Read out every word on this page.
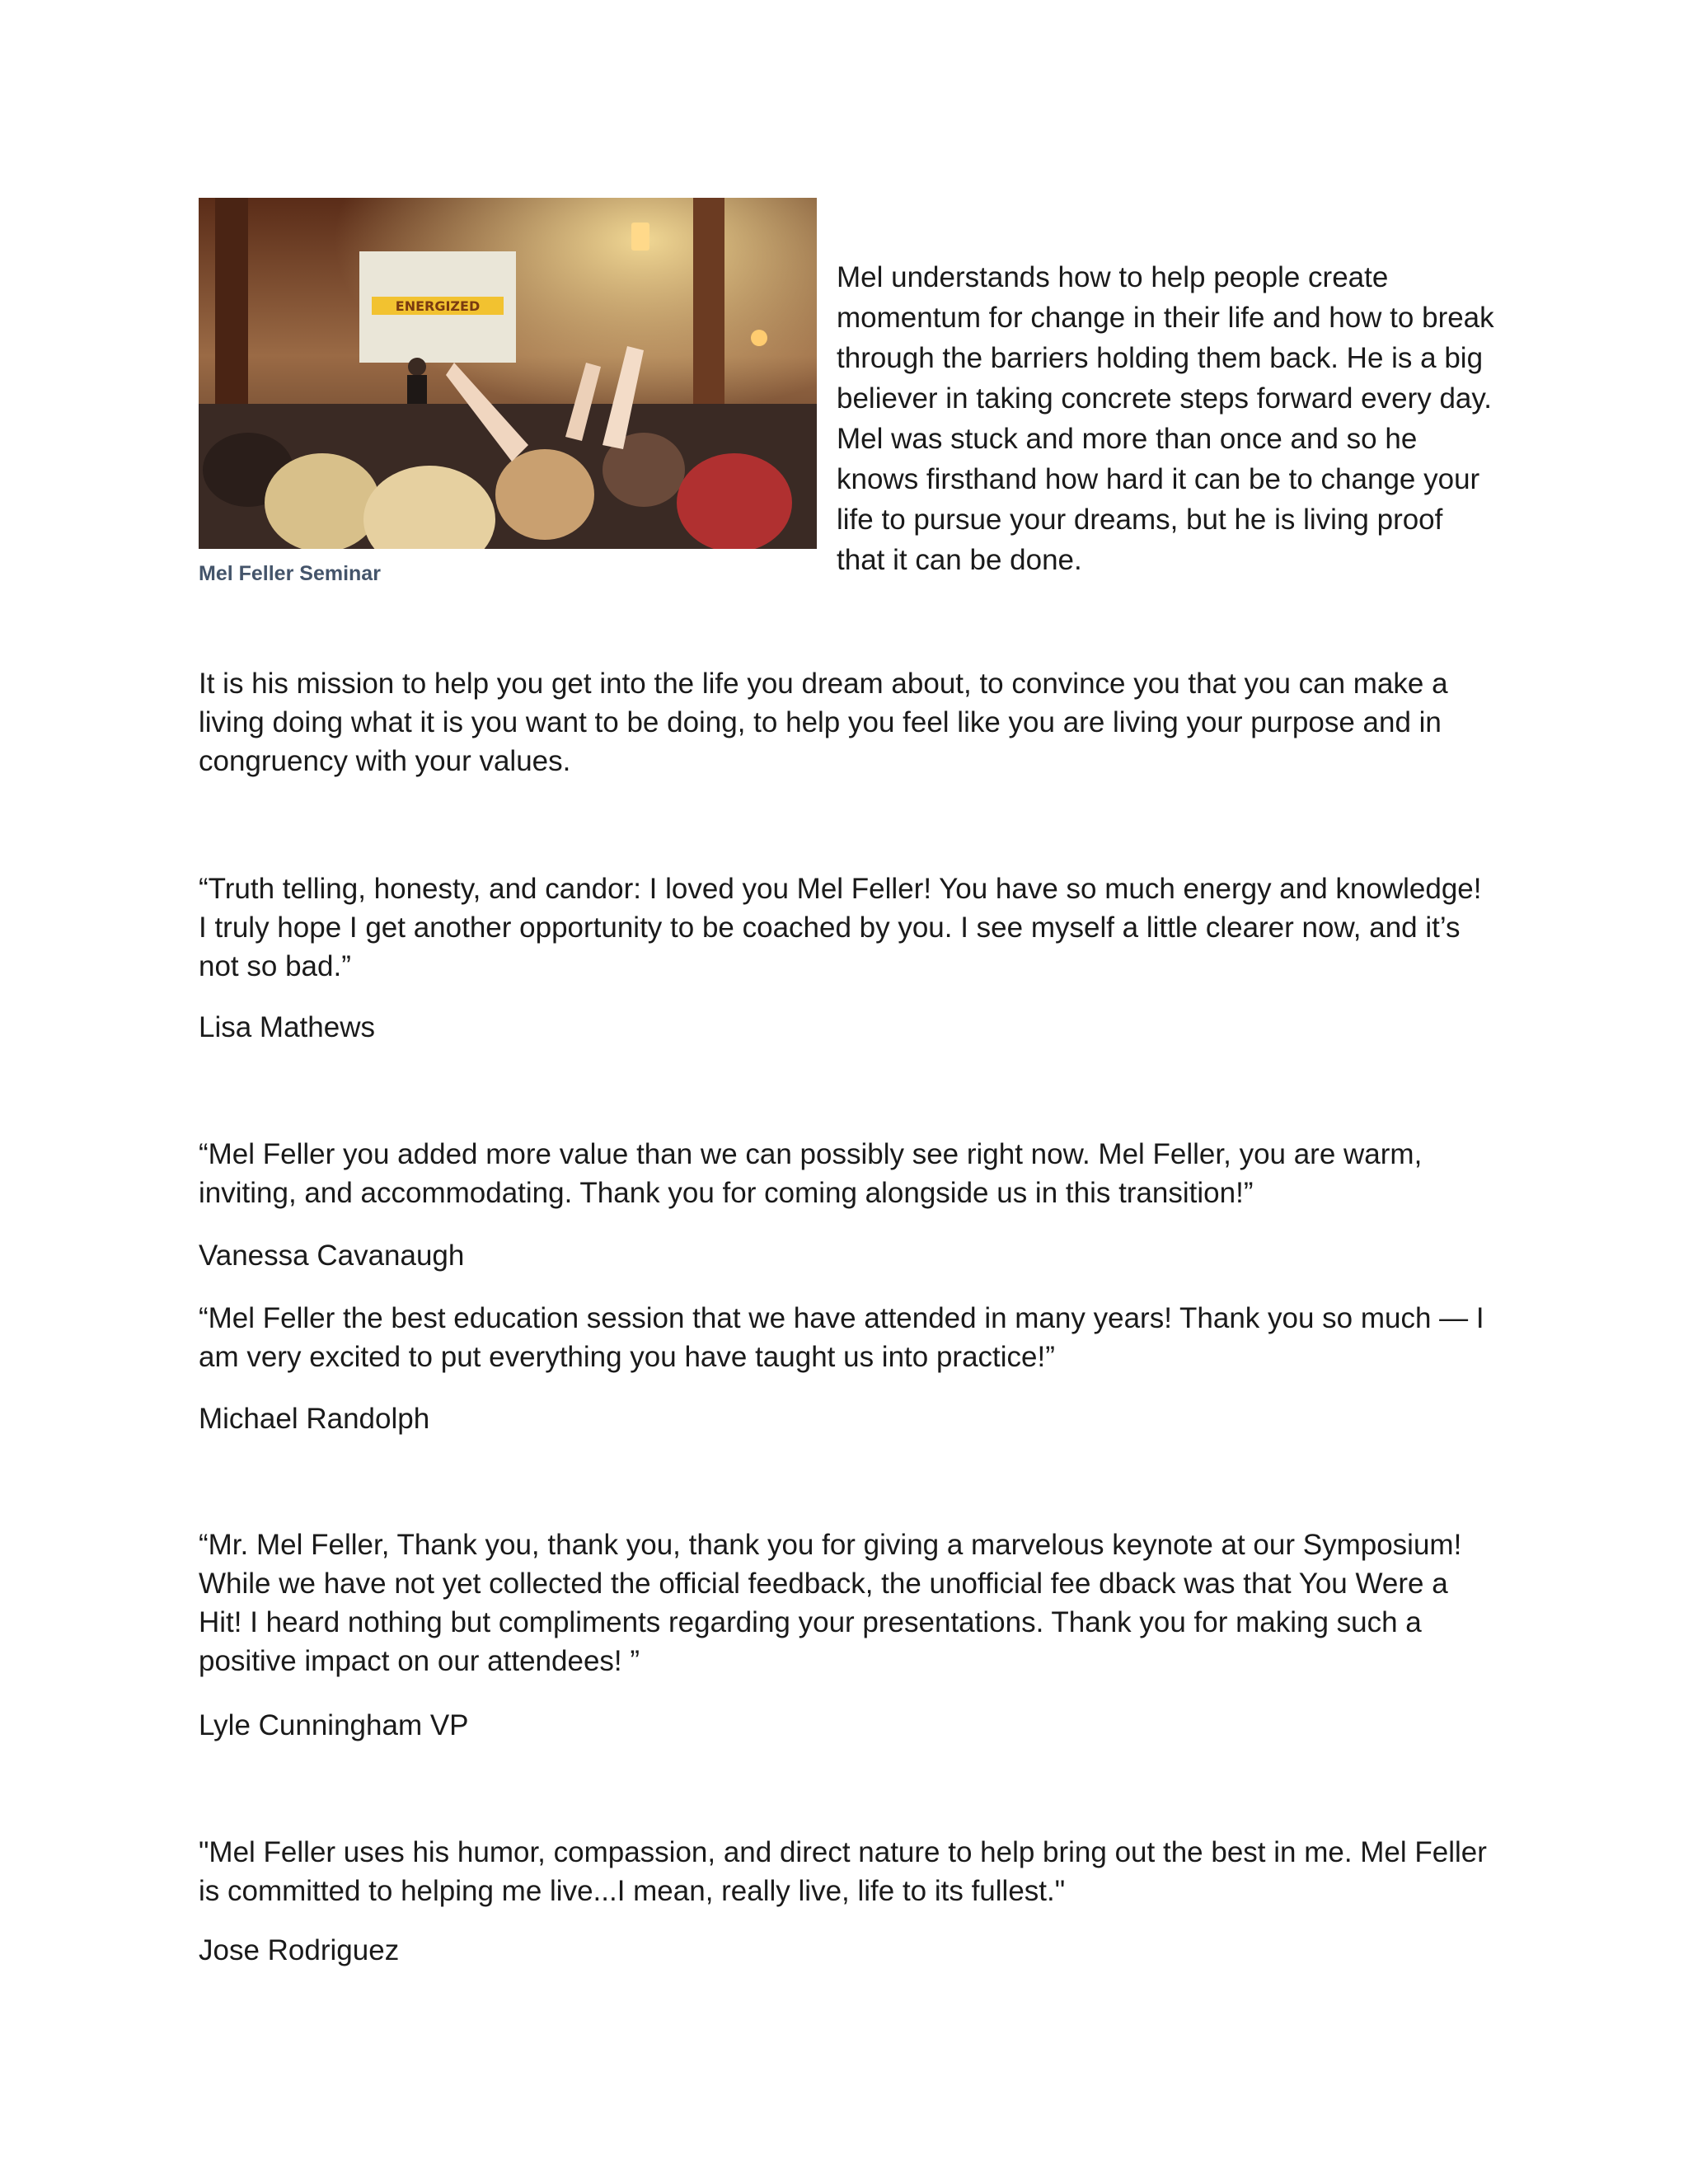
ENERGIZED
Mel Feller Seminar
Mel understands how to help people create momentum for change in their life and how to break through the barriers holding them back. He is a big believer in taking concrete steps forward every day. Mel was stuck and more than once and so he knows firsthand how hard it can be to change your life to pursue your dreams, but he is living proof that it can be done.
It is his mission to help you get into the life you dream about, to convince you that you can make a living doing what it is you want to be doing, to help you feel like you are living your purpose and in congruency with your values.
“Truth telling, honesty, and candor: I loved you Mel Feller! You have so much energy and knowledge! I truly hope I get another opportunity to be coached by you. I see myself a little clearer now, and it’s not so bad.”
Lisa Mathews
“Mel Feller you added more value than we can possibly see right now. Mel Feller, you are warm, inviting, and accommodating. Thank you for coming alongside us in this transition!”
Vanessa Cavanaugh
“Mel Feller the best education session that we have attended in many years! Thank you so much — I am very excited to put everything you have taught us into practice!”
Michael Randolph
“Mr. Mel Feller, Thank you, thank you, thank you for giving a marvelous keynote at our Symposium! While we have not yet collected the official feedback, the unofficial fee dback was that You Were a Hit! I heard nothing but compliments regarding your presentations. Thank you for making such a positive impact on our attendees! ”
Lyle Cunningham VP
"Mel Feller uses his humor, compassion, and direct nature to help bring out the best in me. Mel Feller is committed to helping me live...I mean, really live, life to its fullest."
Jose Rodriguez
